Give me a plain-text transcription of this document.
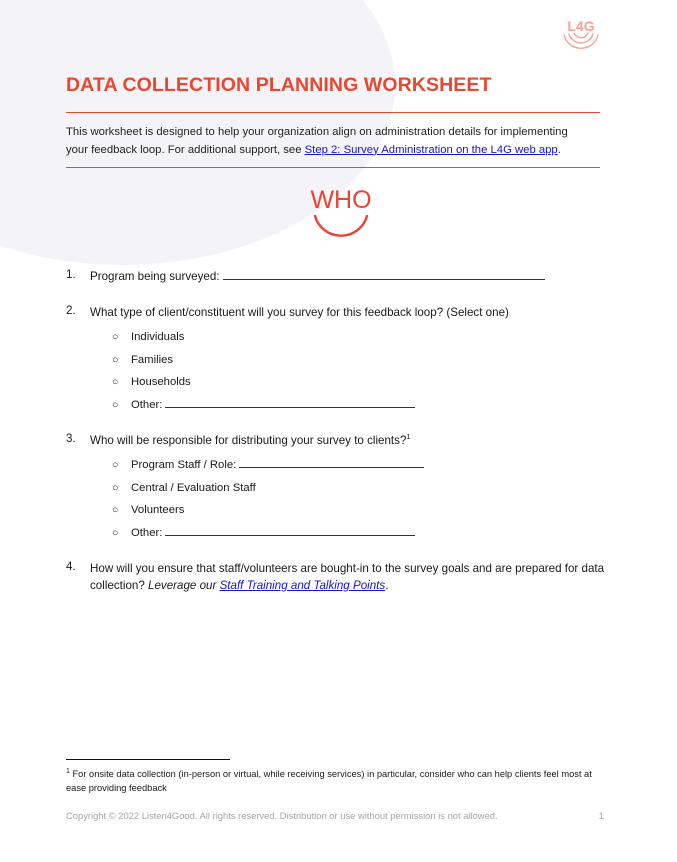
L4G
DATA COLLECTION PLANNING WORKSHEET
This worksheet is designed to help your organization align on administration details for implementing your feedback loop. For additional support, see Step 2: Survey Administration on the L4G web app.
WHO
1.	Program being surveyed:
2.	What type of client/constituent will you survey for this feedback loop? (Select one)
○	Individuals
○	Families
○	Households
○	Other:
3.	Who will be responsible for distributing your survey to clients?$^1$
○	Program Staff / Role:
○	Central / Evaluation Staff
○	Volunteers
○	Other:
4.	How will you ensure that staff/volunteers are bought-in to the survey goals and are prepared for data collection? Leverage our Staff Training and Talking Points.
$^1$ For onsite data collection (in-person or virtual, while receiving services) in particular, consider who can help clients feel most at ease providing feedback
Copyright © 2022 Listen4Good. All rights reserved. Distribution or use without permission is not allowed.	1
